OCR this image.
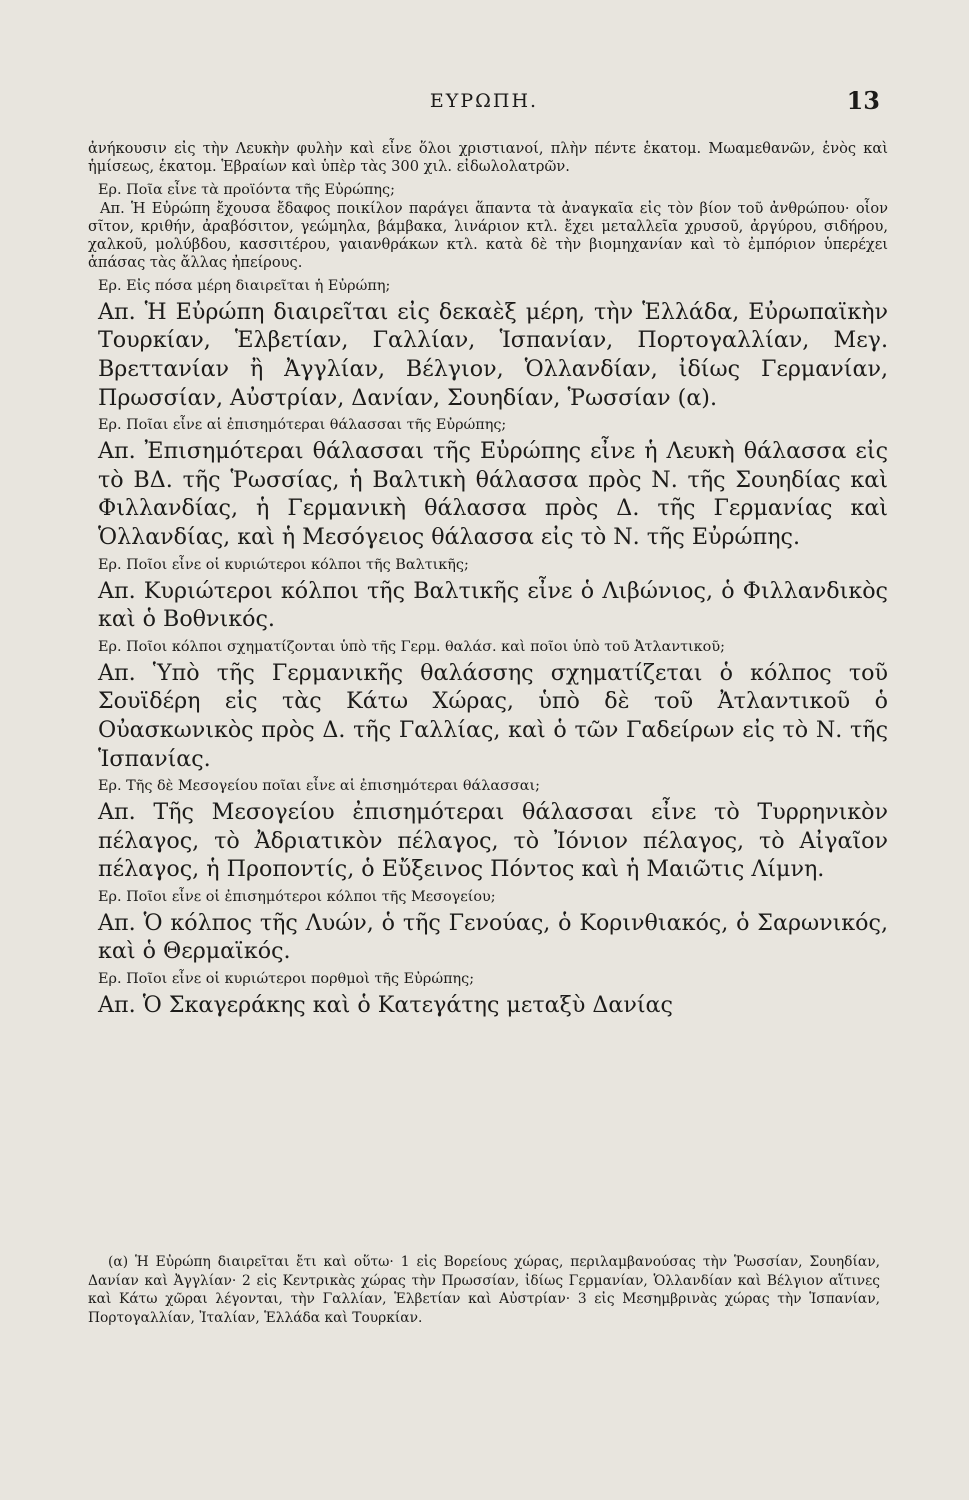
ΕΥΡΩΠΗ.	13

ἀνήκουσιν εἰς τὴν Λευκὴν φυλὴν καὶ εἶνε ὅλοι χριστιανοί, πλὴν πέντε ἑκατομ. Μωαμεθανῶν, ἑνὸς καὶ ἡμίσεως, ἑκατομ. Ἑβραίων καὶ ὑπὲρ τὰς 300 χιλ. εἰδωλολατρῶν.

Ερ. Ποῖα εἶνε τὰ προϊόντα τῆς Εὐρώπης;

Απ. Ἡ Εὐρώπη ἔχουσα ἔδαφος ποικίλον παράγει ἅπαντα τὰ ἀναγκαῖα εἰς τὸν βίον τοῦ ἀνθρώπου· οἷον σῖτον, κριθήν, ἀραβόσιτον, γεώμηλα, βάμβακα, λινάριον κτλ. ἔχει μεταλλεῖα χρυσοῦ, ἀργύρου, σιδήρου, χαλκοῦ, μολύβδου, κασσιτέρου, γαιανθράκων κτλ. κατὰ δὲ τὴν βιομηχανίαν καὶ τὸ ἐμπόριον ὑπερέχει ἁπάσας τὰς ἄλλας ἠπείρους.

Ερ. Εἰς πόσα μέρη διαιρεῖται ἡ Εὐρώπη;

Απ. Ἡ Εὐρώπη διαιρεῖται εἰς δεκαὲξ μέρη, τὴν Ἑλλάδα, Εὐρωπαϊκὴν Τουρκίαν, Ἑλβετίαν, Γαλλίαν, Ἱσπανίαν, Πορτογαλλίαν, Μεγ. Βρεττανίαν ἢ Ἀγγλίαν, Βέλγιον, Ὁλλανδίαν, ἰδίως Γερμανίαν, Πρωσσίαν, Αὐστρίαν, Δανίαν, Σουηδίαν, Ῥωσσίαν (α).

Ερ. Ποῖαι εἶνε αἱ ἐπισημότεραι θάλασσαι τῆς Εὐρώπης;

Απ. Ἐπισημότεραι θάλασσαι τῆς Εὐρώπης εἶνε ἡ Λευκὴ θάλασσα εἰς τὸ ΒΔ. τῆς Ῥωσσίας, ἡ Βαλτικὴ θάλασσα πρὸς Ν. τῆς Σουηδίας καὶ Φιλλανδίας, ἡ Γερμανικὴ θάλασσα πρὸς Δ. τῆς Γερμανίας καὶ Ὁλλανδίας, καὶ ἡ Μεσόγειος θάλασσα εἰς τὸ Ν. τῆς Εὐρώπης.

Ερ. Ποῖοι εἶνε οἱ κυριώτεροι κόλποι τῆς Βαλτικῆς;

Απ. Κυριώτεροι κόλποι τῆς Βαλτικῆς εἶνε ὁ Λιβώνιος, ὁ Φιλλανδικὸς καὶ ὁ Βοθνικός.

Ερ. Ποῖοι κόλποι σχηματίζονται ὑπὸ τῆς Γερμ. θαλάσ. καὶ ποῖοι ὑπὸ τοῦ Ἀτλαντικοῦ;

Απ. Ὑπὸ τῆς Γερμανικῆς θαλάσσης σχηματίζεται ὁ κόλπος τοῦ Σουϊδέρη εἰς τὰς Κάτω Χώρας, ὑπὸ δὲ τοῦ Ἀτλαντικοῦ ὁ Οὐασκωνικὸς πρὸς Δ. τῆς Γαλλίας, καὶ ὁ τῶν Γαδείρων εἰς τὸ Ν. τῆς Ἱσπανίας.

Ερ. Τῆς δὲ Μεσογείου ποῖαι εἶνε αἱ ἐπισημότεραι θάλασσαι;

Απ. Τῆς Μεσογείου ἐπισημότεραι θάλασσαι εἶνε τὸ Τυρρηνικὸν πέλαγος, τὸ Ἀδριατικὸν πέλαγος, τὸ Ἰόνιον πέλαγος, τὸ Αἰγαῖον πέλαγος, ἡ Προποντίς, ὁ Εὔξεινος Πόντος καὶ ἡ Μαιῶτις Λίμνη.

Ερ. Ποῖοι εἶνε οἱ ἐπισημότεροι κόλποι τῆς Μεσογείου;

Απ. Ὁ κόλπος τῆς Λυών, ὁ τῆς Γενούας, ὁ Κορινθιακός, ὁ Σαρωνικός, καὶ ὁ Θερμαϊκός.

Ερ. Ποῖοι εἶνε οἱ κυριώτεροι πορθμοὶ τῆς Εὐρώπης;

Απ. Ὁ Σκαγεράκης καὶ ὁ Κατεγάτης μεταξὺ Δανίας

(α) Ἡ Εὐρώπη διαιρεῖται ἔτι καὶ οὕτω· 1 εἰς Βορείους χώρας, περιλαμβανούσας τὴν Ῥωσσίαν, Σουηδίαν, Δανίαν καὶ Ἀγγλίαν· 2 εἰς Κεντρικὰς χώρας τὴν Πρωσσίαν, ἰδίως Γερμανίαν, Ὁλλανδίαν καὶ Βέλγιον αἵτινες καὶ Κάτω χῶραι λέγονται, τὴν Γαλλίαν, Ἑλβετίαν καὶ Αὐστρίαν· 3 εἰς Μεσημβρινὰς χώρας τὴν Ἱσπανίαν, Πορτογαλλίαν, Ἰταλίαν, Ἑλλάδα καὶ Τουρκίαν.
